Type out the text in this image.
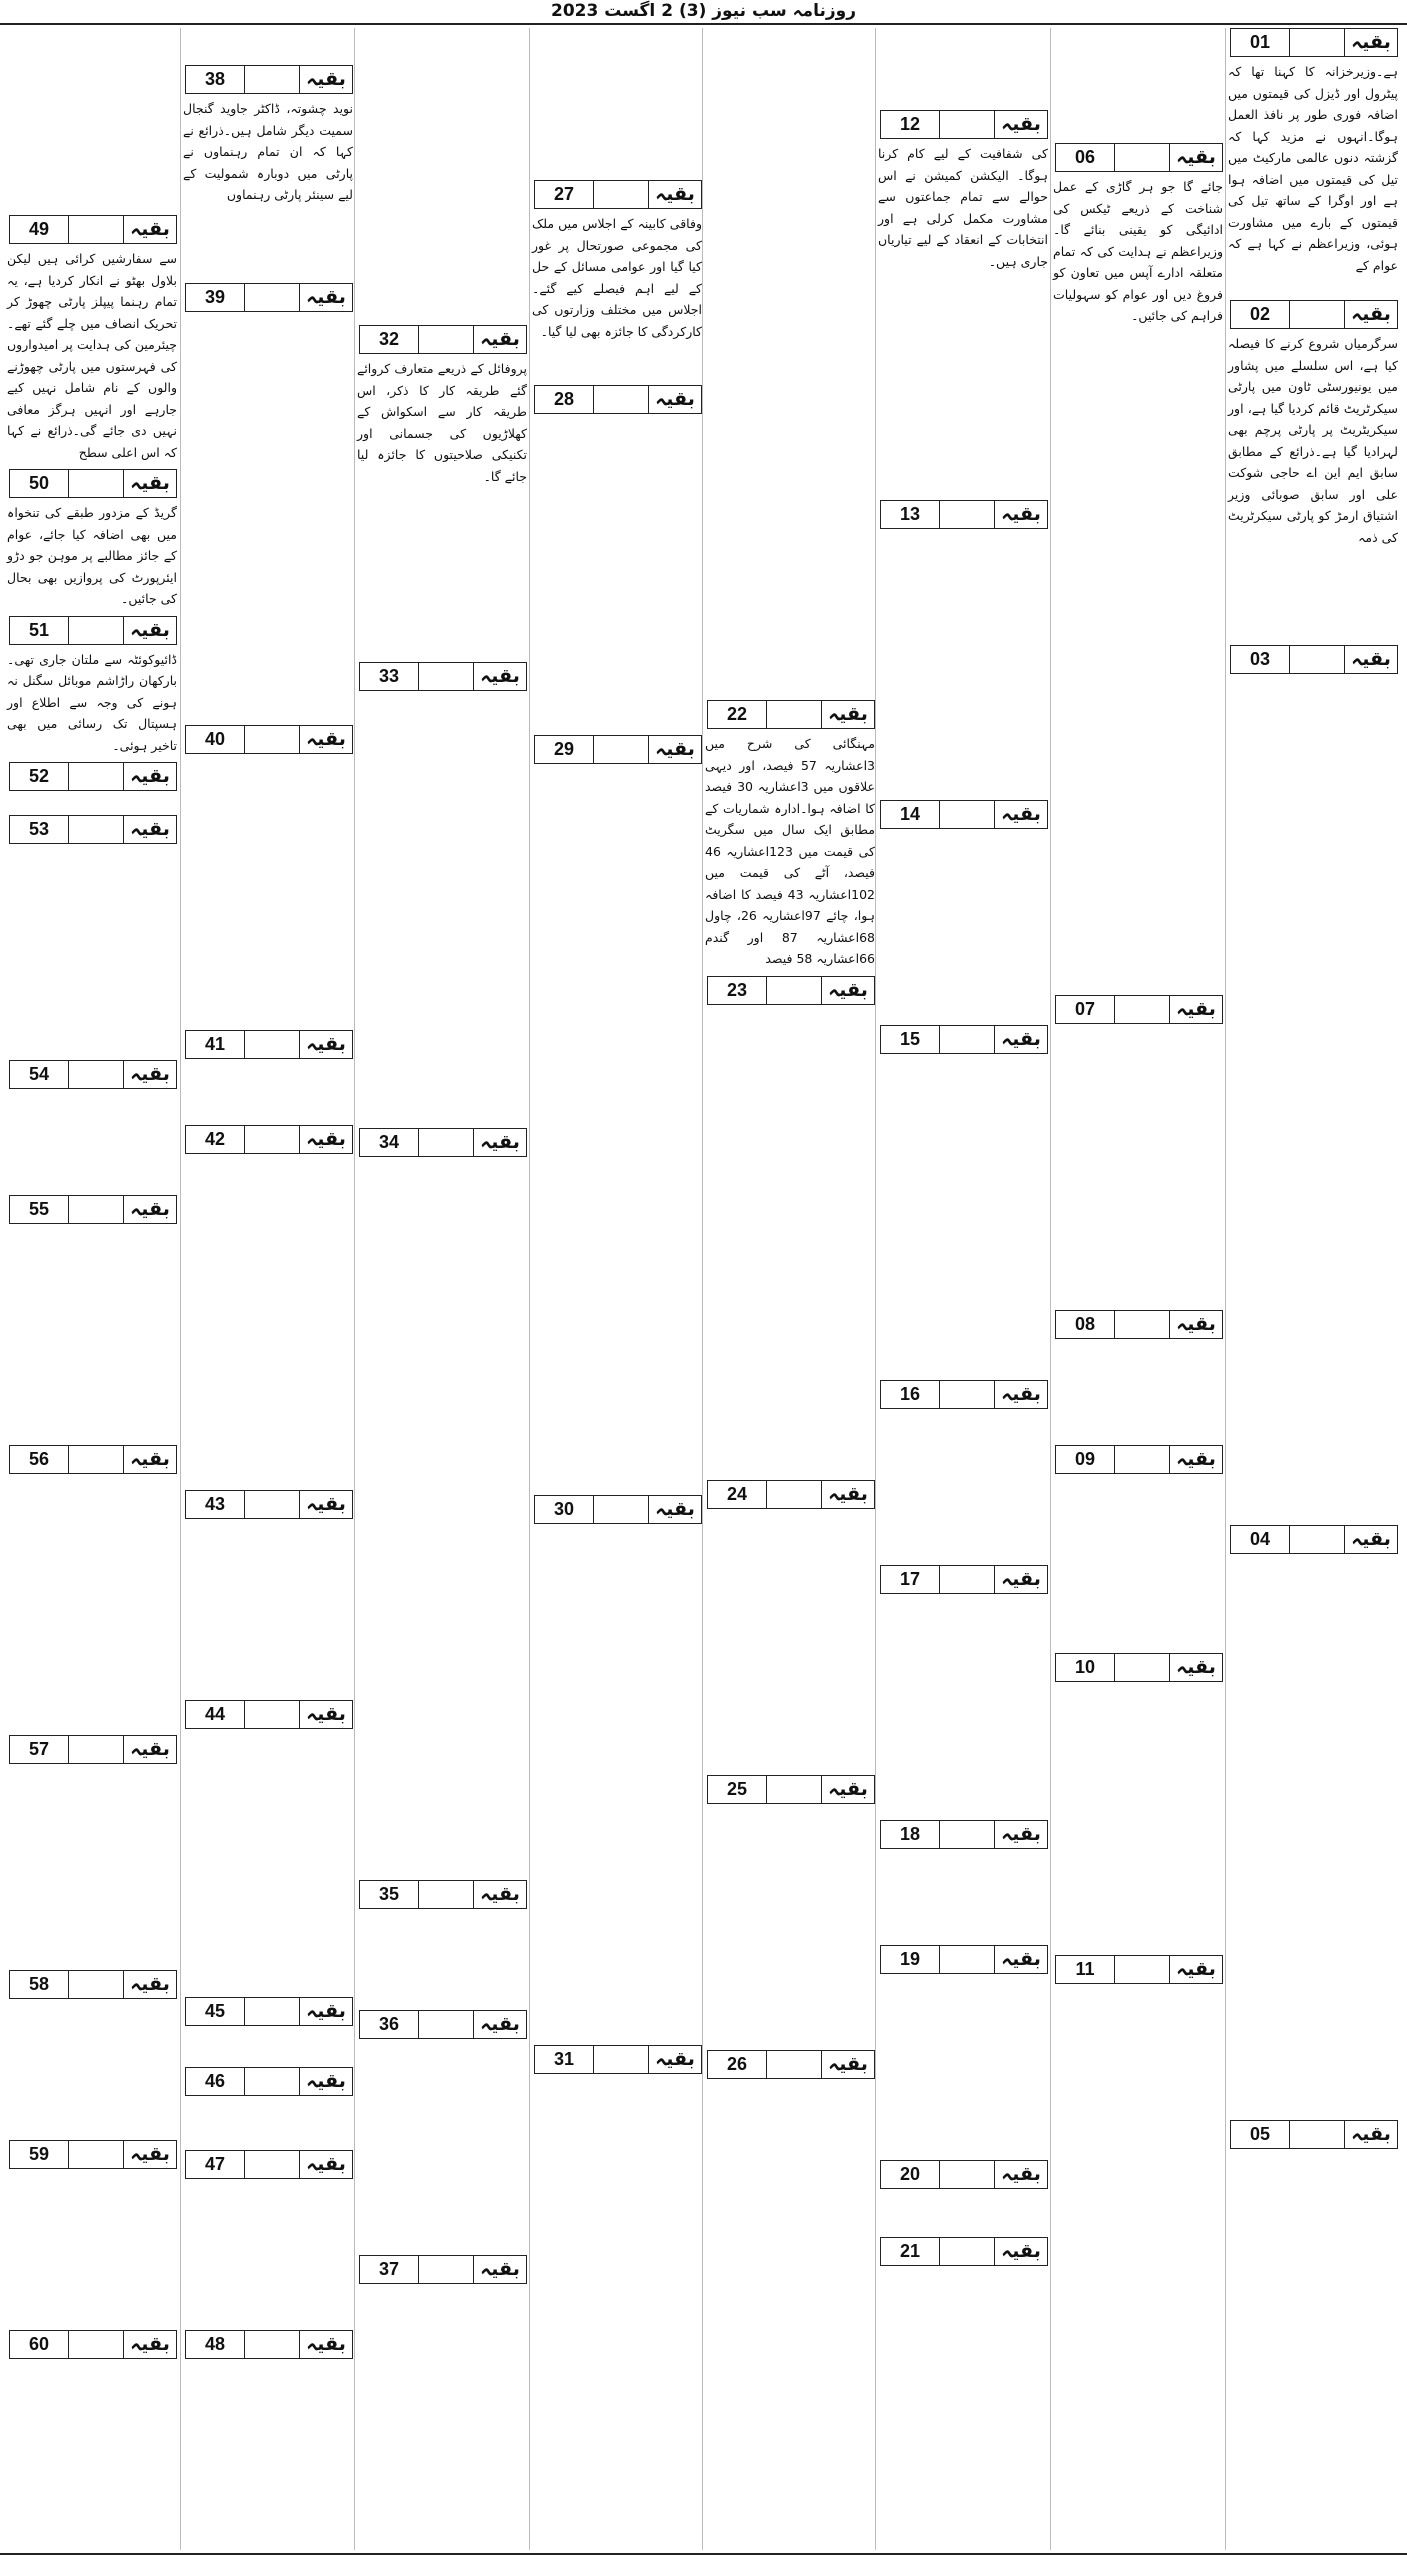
روزنامہ سب نیوز (3) 2 اگست 2023
بقیہ
01

ہے۔وزیرخزانہ کا کہنا تھا کہ پیٹرول اور ڈیزل کی قیمتوں میں اضافہ فوری طور پر نافذ العمل ہوگا۔انہوں نے مزید کہا کہ گزشتہ دنوں عالمی مارکیٹ میں تیل کی قیمتوں میں اضافہ ہوا ہے اور اوگرا کے ساتھ تیل کی قیمتوں کے بارے میں مشاورت ہوئی، وزیراعظم نے کہا ہے کہ عوام کے

بقیہ
02

سرگرمیاں شروع کرنے کا فیصلہ کیا ہے، اس سلسلے میں پشاور میں یونیورسٹی ٹاون میں پارٹی سیکرٹریٹ قائم کردیا گیا ہے، اور سیکریٹریٹ پر پارٹی پرچم بھی لہرادیا گیا ہے۔ذرائع کے مطابق سابق ایم این اے حاجی شوکت علی اور سابق صوبائی وزیر اشتیاق ارمڑ کو پارٹی سیکرٹریٹ کی ذمہ

بقیہ
03
بقیہ
04
بقیہ
05
بقیہ
06

جائے گا جو ہر گاڑی کے عمل شناخت کے ذریعے ٹیکس کی ادائیگی کو یقینی بنائے گا۔ وزیراعظم نے ہدایت کی کہ تمام متعلقہ ادارے آپس میں تعاون کو فروغ دیں اور عوام کو سہولیات فراہم کی جائیں۔

بقیہ
07
بقیہ
08
بقیہ
09
بقیہ
10
بقیہ
11
بقیہ
12

کی شفافیت کے لیے کام کرنا ہوگا۔ الیکشن کمیشن نے اس حوالے سے تمام جماعتوں سے مشاورت مکمل کرلی ہے اور انتخابات کے انعقاد کے لیے تیاریاں جاری ہیں۔

بقیہ
13
بقیہ
14
بقیہ
15
بقیہ
16
بقیہ
17
بقیہ
18
بقیہ
19
بقیہ
20
بقیہ
21
بقیہ
22

مہنگائی کی شرح میں 3اعشاریہ 57 فیصد، اور دیہی علاقوں میں 3اعشاریہ 30 فیصد کا اضافہ ہوا۔ادارہ شماریات کے مطابق ایک سال میں سگریٹ کی قیمت میں 123اعشاریہ 46 فیصد، آٹے کی قیمت میں 102اعشاریہ 43 فیصد کا اضافہ ہوا، چائے 97اعشاریہ 26، چاول 68اعشاریہ 87 اور گندم 66اعشاریہ 58 فیصد

بقیہ
23
بقیہ
24
بقیہ
25
بقیہ
26
بقیہ
27

وفاقی کابینہ کے اجلاس میں ملک کی مجموعی صورتحال پر غور کیا گیا اور عوامی مسائل کے حل کے لیے اہم فیصلے کیے گئے۔ اجلاس میں مختلف وزارتوں کی کارکردگی کا جائزہ بھی لیا گیا۔

بقیہ
28
بقیہ
29
بقیہ
30
بقیہ
31
بقیہ
32

پروفائل کے ذریعے متعارف کروائے گئے طریقہ کار کا ذکر، اس طریقہ کار سے اسکواش کے کھلاڑیوں کی جسمانی اور تکنیکی صلاحیتوں کا جائزہ لیا جائے گا۔

بقیہ
33
بقیہ
34
بقیہ
35
بقیہ
36
بقیہ
37
بقیہ
38

نوید چشوتہ، ڈاکٹر جاوید گنجال سمیت دیگر شامل ہیں۔ذرائع نے کہا کہ ان تمام رہنماوں نے پارٹی میں دوبارہ شمولیت کے لیے سینئر پارٹی رہنماوں

بقیہ
39
بقیہ
40
بقیہ
41
بقیہ
42
بقیہ
43
بقیہ
44
بقیہ
45
بقیہ
46
بقیہ
47
بقیہ
48
بقیہ
49

سے سفارشیں کرائی ہیں لیکن بلاول بھٹو نے انکار کردیا ہے، یہ تمام رہنما پیپلز پارٹی چھوڑ کر تحریک انصاف میں چلے گئے تھے۔ چیئرمین کی ہدایت پر امیدواروں کی فہرستوں میں پارٹی چھوڑنے والوں کے نام شامل نہیں کیے جارہے اور انہیں ہرگز معافی نہیں دی جائے گی۔ذرائع نے کہا کہ اس اعلی سطح

بقیہ
50

گریڈ کے مزدور طبقے کی تنخواہ میں بھی اضافہ کیا جائے، عوام کے جائز مطالبے پر موہن جو دڑو ایئرپورٹ کی پروازیں بھی بحال کی جائیں۔

بقیہ
51

ڈائیوکوئٹہ سے ملتان جاری تھی۔بارکھان راڑاشم موبائل سگنل نہ ہونے کی وجہ سے اطلاع اور ہسپتال تک رسائی میں بھی تاخیر ہوئی۔

بقیہ
52
بقیہ
53
بقیہ
54
بقیہ
55
بقیہ
56
بقیہ
57
بقیہ
58
بقیہ
59
بقیہ
60
